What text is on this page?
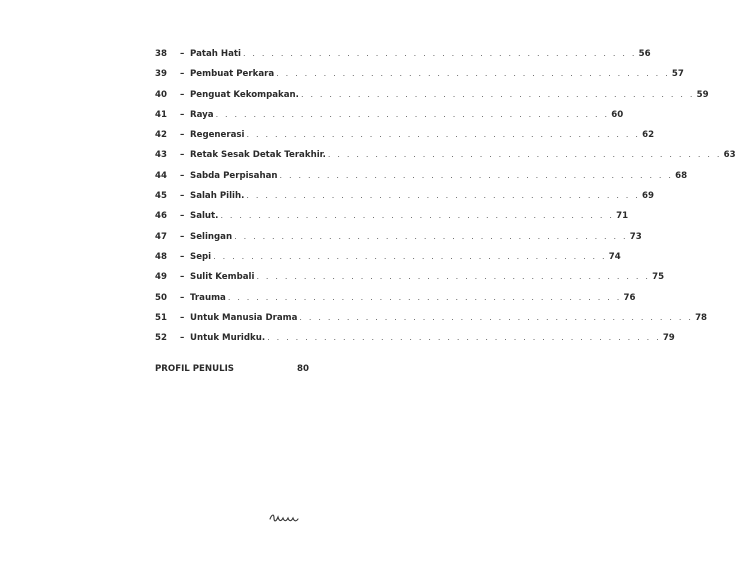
38	– Patah Hati . . . . . . . . . . . . . . . . . . . . . . . . . . . . . . . . . . . . . . . . . . 56
39	– Pembuat Perkara . . . . . . . . . . . . . . . . . . . . . . . . . . . . . . . . . . . . . . . . . . 57
40	– Penguat Kekompakan. . . . . . . . . . . . . . . . . . . . . . . . . . . . . . . . . . . . . . . . . . . 59
41	– Raya . . . . . . . . . . . . . . . . . . . . . . . . . . . . . . . . . . . . . . . . . . 60
42	– Regenerasi . . . . . . . . . . . . . . . . . . . . . . . . . . . . . . . . . . . . . . . . . . 62
43	– Retak Sesak Detak Terakhir. . . . . . . . . . . . . . . . . . . . . . . . . . . . . . . . . . . . . . . . . . . 63
44	– Sabda Perpisahan . . . . . . . . . . . . . . . . . . . . . . . . . . . . . . . . . . . . . . . . . . 68
45	– Salah Pilih. . . . . . . . . . . . . . . . . . . . . . . . . . . . . . . . . . . . . . . . . . . 69
46	– Salut. . . . . . . . . . . . . . . . . . . . . . . . . . . . . . . . . . . . . . . . . . . 71
47	– Selingan . . . . . . . . . . . . . . . . . . . . . . . . . . . . . . . . . . . . . . . . . . 73
48	– Sepi . . . . . . . . . . . . . . . . . . . . . . . . . . . . . . . . . . . . . . . . . . 74
49	– Sulit Kembali . . . . . . . . . . . . . . . . . . . . . . . . . . . . . . . . . . . . . . . . . . 75
50	– Trauma . . . . . . . . . . . . . . . . . . . . . . . . . . . . . . . . . . . . . . . . . . 76
51	– Untuk Manusia Drama . . . . . . . . . . . . . . . . . . . . . . . . . . . . . . . . . . . . . . . . . . 78
52	– Untuk Muridku. . . . . . . . . . . . . . . . . . . . . . . . . . . . . . . . . . . . . . . . . . . 79
PROFIL PENULIS	80
